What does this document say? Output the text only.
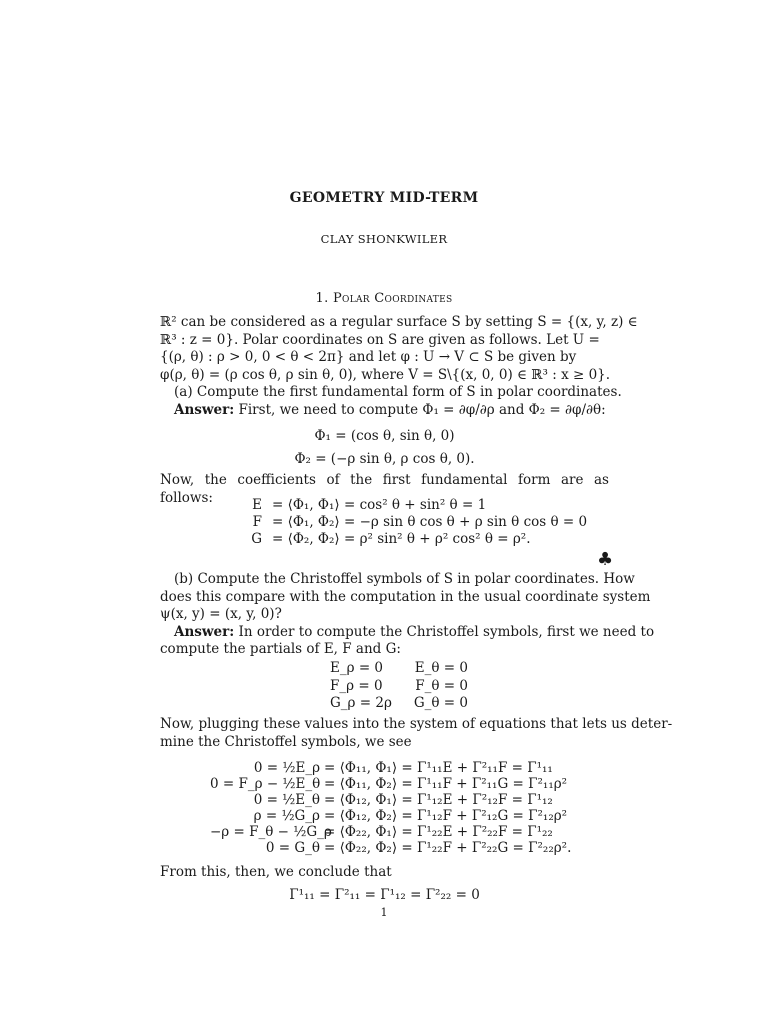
GEOMETRY MID-TERM
CLAY SHONKWILER
1. Polar Coordinates
ℝ² can be considered as a regular surface S by setting S = {(x, y, z) ∈
ℝ³ : z = 0}. Polar coordinates on S are given as follows. Let U =
{(ρ, θ) : ρ > 0, 0 < θ < 2π} and let φ : U → V ⊂ S be given by
φ(ρ, θ) = (ρ cos θ, ρ sin θ, 0), where V = S\{(x, 0, 0) ∈ ℝ³ : x ≥ 0}.
(a) Compute the first fundamental form of S in polar coordinates.
Answer: First, we need to compute Φ₁ = ∂φ/∂ρ and Φ₂ = ∂φ/∂θ:
Φ₁ = (cos θ, sin θ, 0)
Φ₂ = (−ρ sin θ, ρ cos θ, 0).
Now, the coefficients of the first fundamental form are as follows:	E = ⟨Φ₁, Φ₁⟩ = cos² θ + sin² θ = 1
F = ⟨Φ₁, Φ₂⟩ = −ρ sin θ cos θ + ρ sin θ cos θ = 0
G = ⟨Φ₂, Φ₂⟩ = ρ² sin² θ + ρ² cos² θ = ρ².
♣
(b) Compute the Christoffel symbols of S in polar coordinates. How
does this compare with the computation in the usual coordinate system
ψ(x, y) = (x, y, 0)?
Answer: In order to compute the Christoffel symbols, first we need to
compute the partials of E, F and G:
E_ρ = 0 E_θ = 0
F_ρ = 0 F_θ = 0
G_ρ = 2ρ G_θ = 0
Now, plugging these values into the system of equations that lets us deter-
mine the Christoffel symbols, we see
0 = ½E_ρ = ⟨Φ₁₁, Φ₁⟩ = Γ¹₁₁E + Γ²₁₁F = Γ¹₁₁
0 = F_ρ − ½E_θ = ⟨Φ₁₁, Φ₂⟩ = Γ¹₁₁F + Γ²₁₁G = Γ²₁₁ρ²
0 = ½E_θ = ⟨Φ₁₂, Φ₁⟩ = Γ¹₁₂E + Γ²₁₂F = Γ¹₁₂
ρ = ½G_ρ = ⟨Φ₁₂, Φ₂⟩ = Γ¹₁₂F + Γ²₁₂G = Γ²₁₂ρ²
−ρ = F_θ − ½G_ρ= ⟨Φ₂₂, Φ₁⟩ = Γ¹₂₂E + Γ²₂₂F = Γ¹₂₂
0 = G_θ = ⟨Φ₂₂, Φ₂⟩ = Γ¹₂₂F + Γ²₂₂G = Γ²₂₂ρ².
From this, then, we conclude that
Γ¹₁₁ = Γ²₁₁ = Γ¹₁₂ = Γ²₂₂ = 0
1
